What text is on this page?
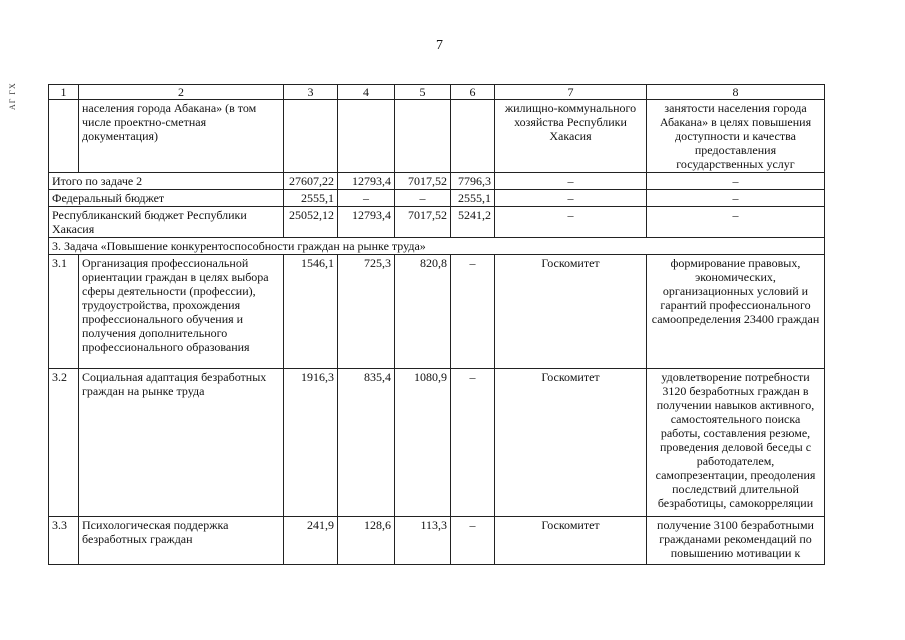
7
АГ ГХ	1	2	3	4	5	6	7	8
	населения города Абакана» (в том числе проектно-сметная документация)					жилищно-коммунального хозяйства Республики Хакасия	занятости населения города Абакана» в целях повышения доступности и качества предоставления государственных услуг
Итого по задаче 2		27607,22	12793,4	7017,52	7796,3	–	–
Федеральный бюджет		2555,1	–	–	2555,1	–	–
Республиканский бюджет Республики Хакасия		25052,12	12793,4	7017,52	5241,2	–	–
3. Задача «Повышение конкурентоспособности граждан на рынке труда»							
3.1	Организация профессиональной ориентации граждан в целях выбора сферы деятельности (профессии), трудоустройства, прохождения профессионального обучения и получения дополнительного профессионального образования	1546,1	725,3	820,8	–	Госкомитет	формирование правовых, экономических, организационных условий и гарантий профессионального самоопределения 23400 граждан
3.2	Социальная адаптация безработных граждан на рынке труда	1916,3	835,4	1080,9	–	Госкомитет	удовлетворение потребности 3120 безработных граждан в получении навыков активного, самостоятельного поиска работы, составления резюме, проведения деловой беседы с работодателем, самопрезентации, преодоления последствий длительной безработицы, самокорреляции
3.3	Психологическая поддержка безработных граждан	241,9	128,6	113,3	–	Госкомитет	получение 3100 безработными гражданами рекомендаций по повышению мотивации к
